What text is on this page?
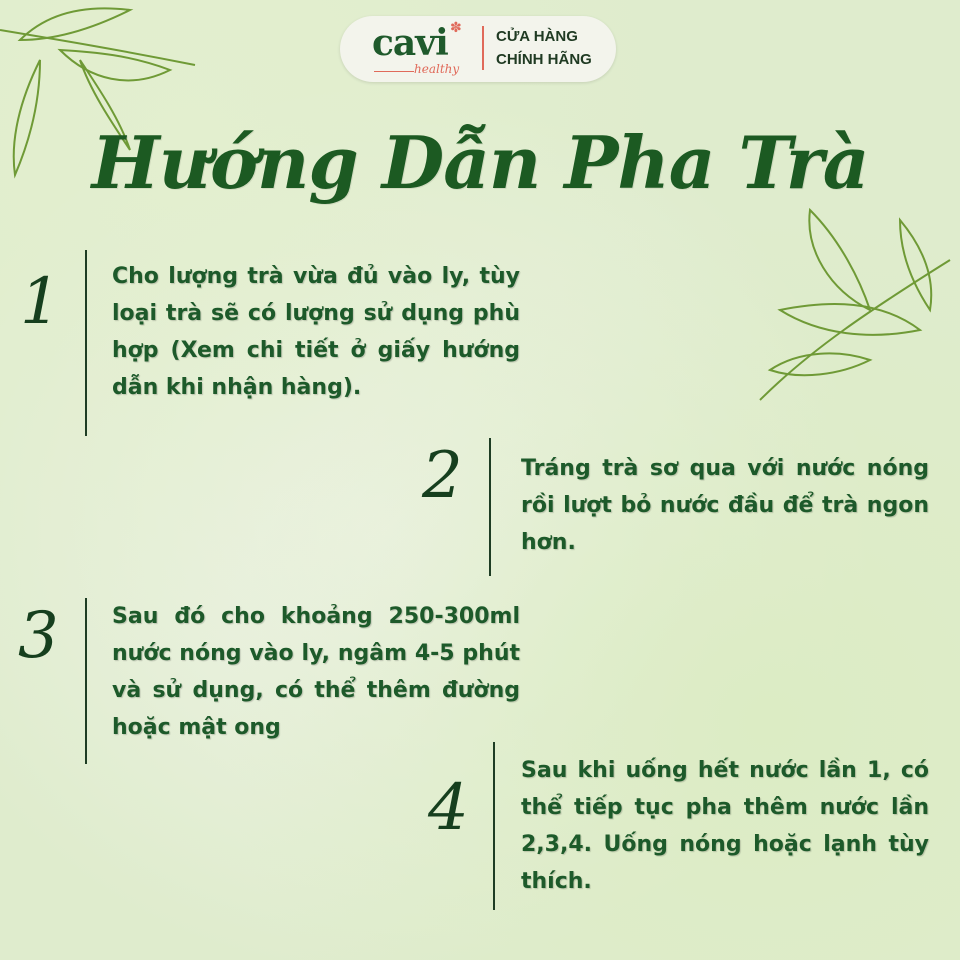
cavi ✽
healthy
CỬA HÀNG
CHÍNH HÃNG
Hướng Dẫn Pha Trà
1 Cho lượng trà vừa đủ vào ly, tùy loại trà sẽ có lượng sử dụng phù hợp (Xem chi tiết ở giấy hướng dẫn khi nhận hàng).
2	Tráng trà sơ qua với nước nóng rồi lượt bỏ nước đầu để trà ngon hơn.
3 Sau đó cho khoảng 250-300ml nước nóng vào ly, ngâm 4-5 phút và sử dụng, có thể thêm đường hoặc mật ong
4
Sau khi uống hết nước lần 1, có thể tiếp tục pha thêm nước lần 2,3,4. Uống nóng hoặc lạnh tùy thích.
